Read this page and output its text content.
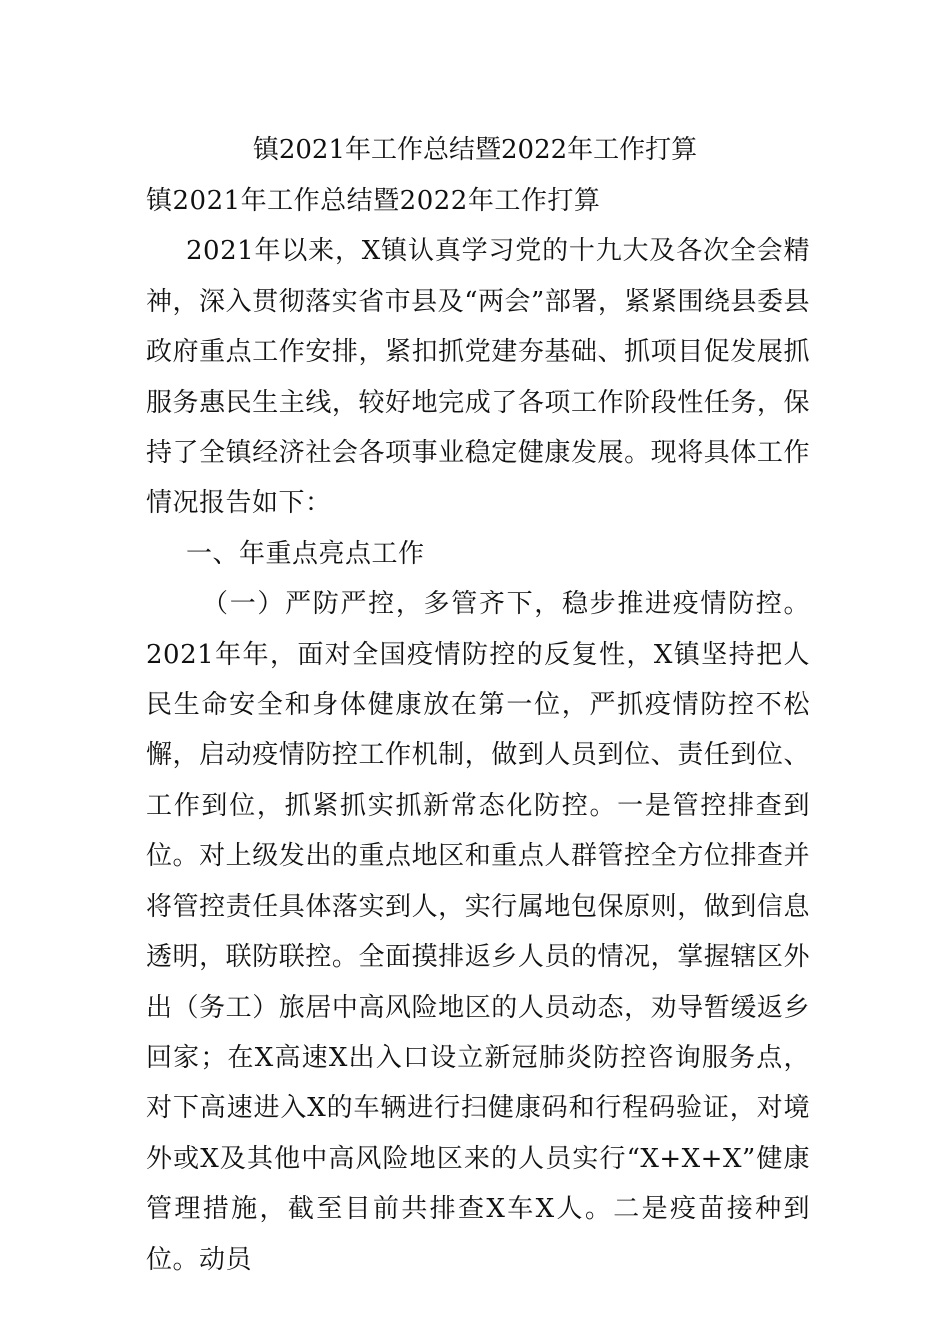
镇2021年工作总结暨2022年工作打算

镇2021年工作总结暨2022年工作打算

2021年以来，X镇认真学习党的十九大及各次全会精神，深入贯彻落实省市县及“两会”部署，紧紧围绕县委县政府重点工作安排，紧扣抓党建夯基础、抓项目促发展抓服务惠民生主线，较好地完成了各项工作阶段性任务，保持了全镇经济社会各项事业稳定健康发展。现将具体工作情况报告如下：

一、年重点亮点工作

（一）严防严控，多管齐下，稳步推进疫情防控。2021年年，面对全国疫情防控的反复性，X镇坚持把人民生命安全和身体健康放在第一位，严抓疫情防控不松懈，启动疫情防控工作机制，做到人员到位、责任到位、工作到位，抓紧抓实抓新常态化防控。一是管控排查到位。对上级发出的重点地区和重点人群管控全方位排查并将管控责任具体落实到人，实行属地包保原则，做到信息透明，联防联控。全面摸排返乡人员的情况，掌握辖区外出（务工）旅居中高风险地区的人员动态，劝导暂缓返乡回家；在X高速X出入口设立新冠肺炎防控咨询服务点，对下高速进入X的车辆进行扫健康码和行程码验证，对境外或X及其他中高风险地区来的人员实行“X+X+X”健康管理措施，截至目前共排查X车X人。二是疫苗接种到位。动员
